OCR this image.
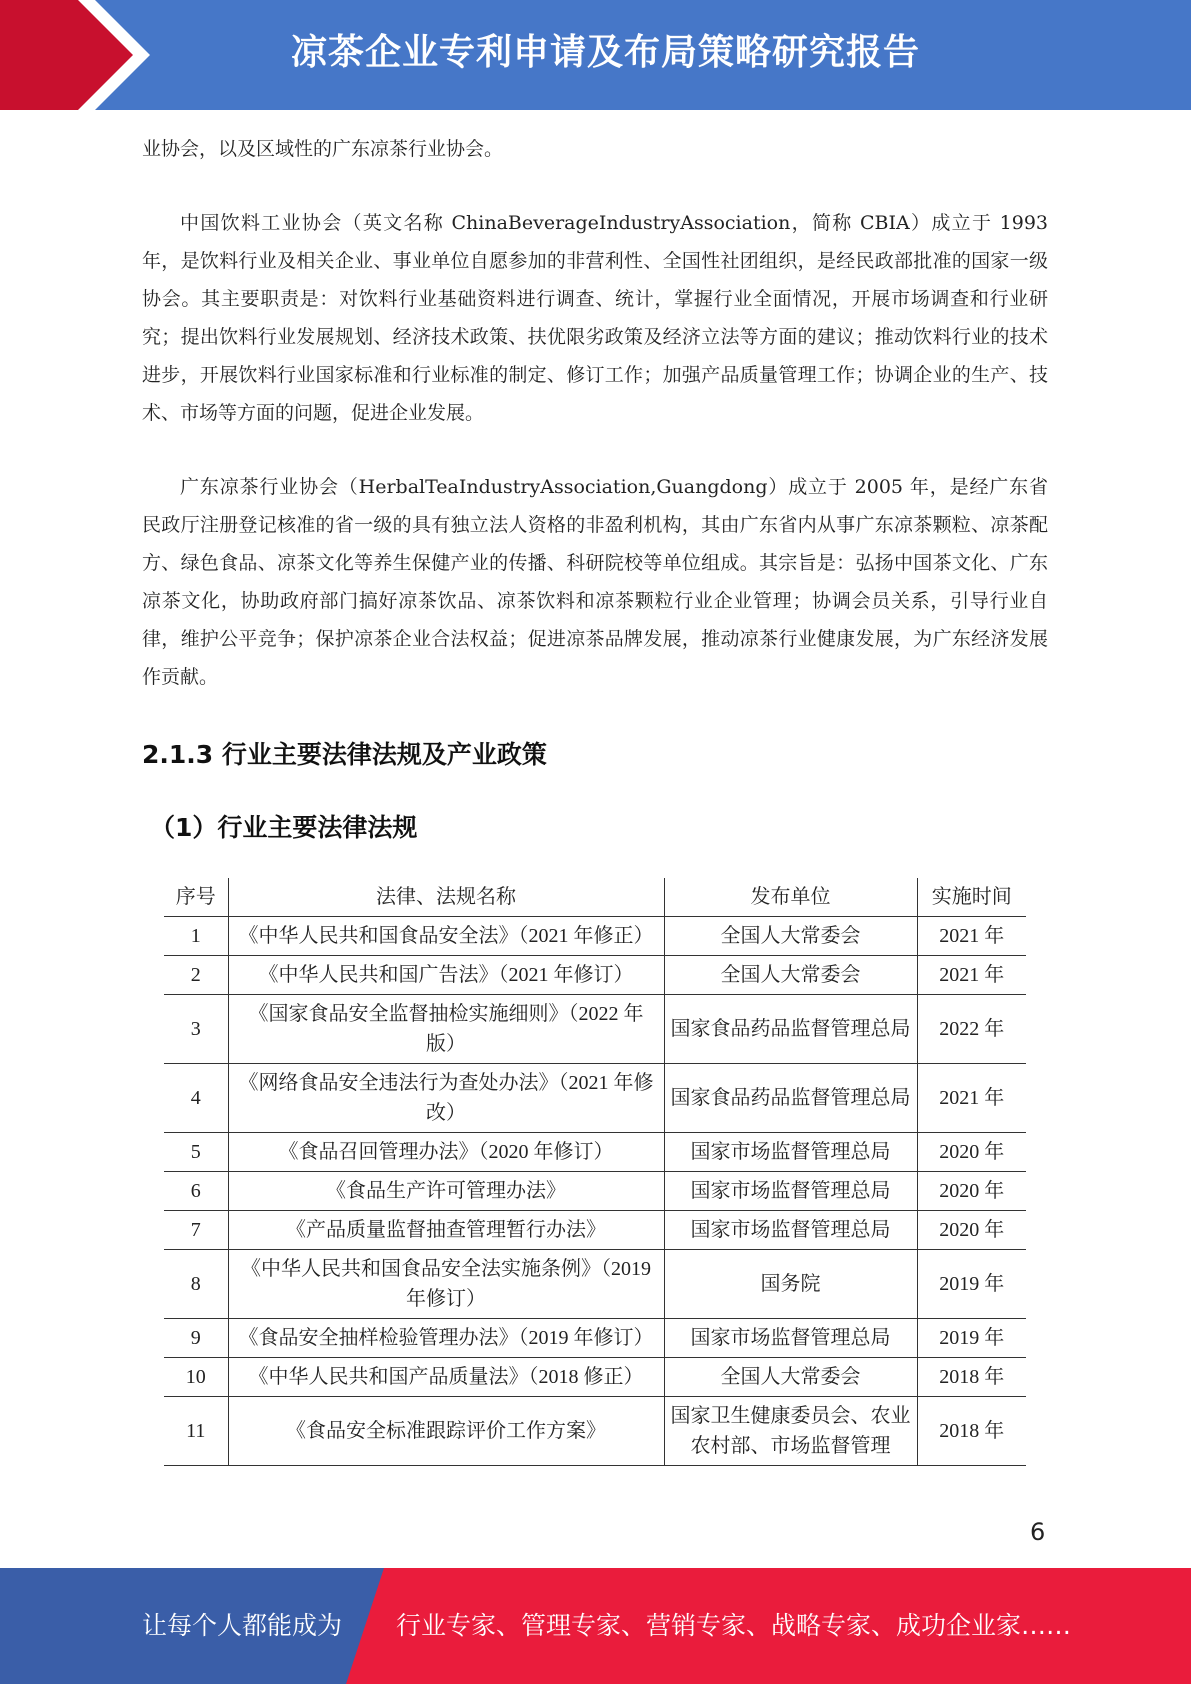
凉茶企业专利申请及布局策略研究报告

业协会，以及区域性的广东凉茶行业协会。

中国饮料工业协会（英文名称 ChinaBeverageIndustryAssociation，简称 CBIA）成立于 1993 年，是饮料行业及相关企业、事业单位自愿参加的非营利性、全国性社团组织，是经民政部批准的国家一级协会。其主要职责是：对饮料行业基础资料进行调查、统计，掌握行业全面情况，开展市场调查和行业研究；提出饮料行业发展规划、经济技术政策、扶优限劣政策及经济立法等方面的建议；推动饮料行业的技术进步，开展饮料行业国家标准和行业标准的制定、修订工作；加强产品质量管理工作；协调企业的生产、技术、市场等方面的问题，促进企业发展。

广东凉茶行业协会（HerbalTeaIndustryAssociation,Guangdong）成立于 2005 年，是经广东省民政厅注册登记核准的省一级的具有独立法人资格的非盈利机构，其由广东省内从事广东凉茶颗粒、凉茶配方、绿色食品、凉茶文化等养生保健产业的传播、科研院校等单位组成。其宗旨是：弘扬中国茶文化、广东凉茶文化，协助政府部门搞好凉茶饮品、凉茶饮料和凉茶颗粒行业企业管理；协调会员关系，引导行业自律，维护公平竞争；保护凉茶企业合法权益；促进凉茶品牌发展，推动凉茶行业健康发展，为广东经济发展作贡献。

2.1.3 行业主要法律法规及产业政策
（1）行业主要法律法规
序号	法律、法规名称	发布单位	实施时间
1	《中华人民共和国食品安全法》（2021 年修正）	全国人大常委会	2021 年
2	《中华人民共和国广告法》（2021 年修订）	全国人大常委会	2021 年
3	《国家食品安全监督抽检实施细则》（2022 年版）	国家食品药品监督管理总局	2022 年
4	《网络食品安全违法行为查处办法》（2021 年修改）	国家食品药品监督管理总局	2021 年
5	《食品召回管理办法》（2020 年修订）	国家市场监督管理总局	2020 年
6	《食品生产许可管理办法》	国家市场监督管理总局	2020 年
7	《产品质量监督抽查管理暂行办法》	国家市场监督管理总局	2020 年
8	《中华人民共和国食品安全法实施条例》（2019 年修订）	国务院	2019 年
9	《食品安全抽样检验管理办法》（2019 年修订）	国家市场监督管理总局	2019 年
10	《中华人民共和国产品质量法》（2018 修正）	全国人大常委会	2018 年
11	《食品安全标准跟踪评价工作方案》	国家卫生健康委员会、农业农村部、市场监督管理	2018 年
6
让每个人都能成为 行业专家、管理专家、营销专家、战略专家、成功企业家……
